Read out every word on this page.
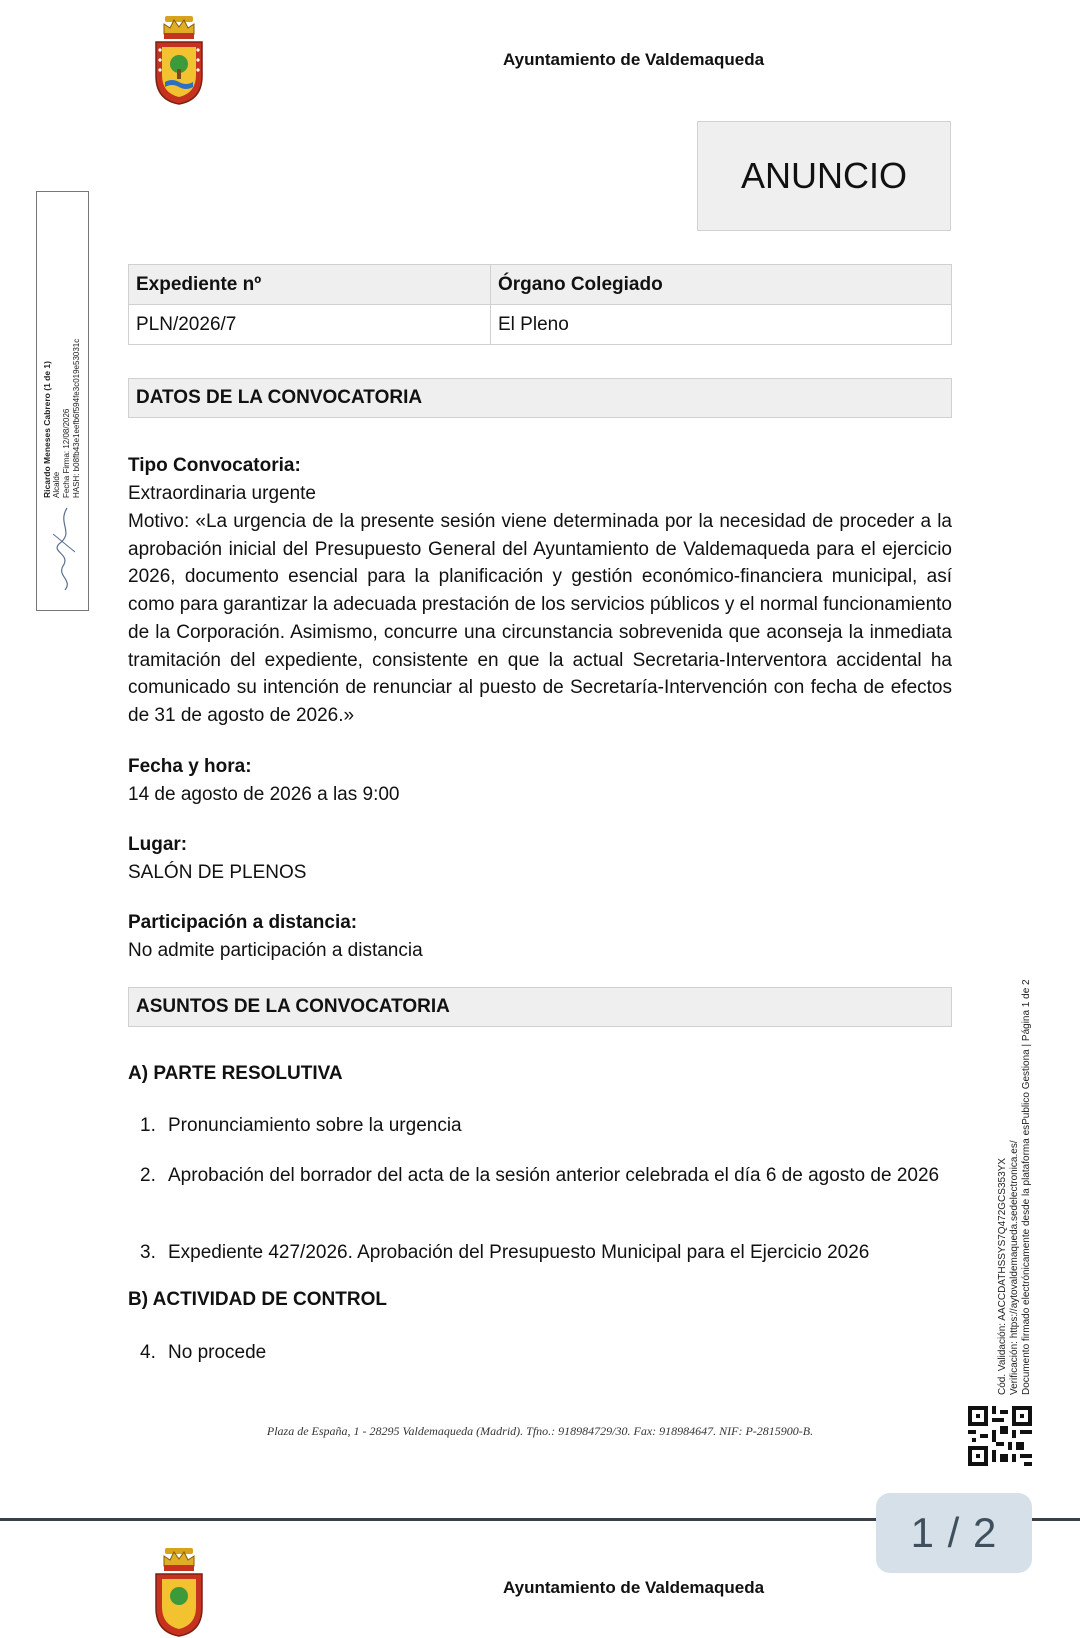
Ayuntamiento de Valdemaqueda
ANUNCIO
Ricardo Meneses Cabrero (1 de 1) Alcalde Fecha Firma: 12/08/2026 HASH: b08fb43e1eefb6f594fe3c019e53031c
Expediente nº	Órgano Colegiado
PLN/2026/7	El Pleno
DATOS DE LA CONVOCATORIA
Tipo Convocatoria:
Extraordinaria urgente

Motivo: «La urgencia de la presente sesión viene determinada por la necesidad de proceder a la aprobación inicial del Presupuesto General del Ayuntamiento de Valdemaqueda para el ejercicio 2026, documento esencial para la planificación y gestión económico-financiera municipal, así como para garantizar la adecuada prestación de los servicios públicos y el normal funcionamiento de la Corporación. Asimismo, concurre una circunstancia sobrevenida que aconseja la inmediata tramitación del expediente, consistente en que la actual Secretaria-Interventora accidental ha comunicado su intención de renunciar al puesto de Secretaría-Intervención con fecha de efectos de 31 de agosto de 2026.»

Fecha y hora:
14 de agosto de 2026 a las 9:00
Lugar:
SALÓN DE PLENOS
Participación a distancia:
No admite participación a distancia
ASUNTOS DE LA CONVOCATORIA
A) PARTE RESOLUTIVA
1. Pronunciamiento sobre la urgencia
2. Aprobación del borrador del acta de la sesión anterior celebrada el día 6 de agosto de 2026
3. Expediente 427/2026. Aprobación del Presupuesto Municipal para el Ejercicio 2026
B) ACTIVIDAD DE CONTROL
4. No procede
Plaza de España, 1 - 28295 Valdemaqueda (Madrid). Tfno.: 918984729/30. Fax: 918984647. NIF: P-2815900-B.
Cód. Validación: AACCDATHSSYS7Q472GCS353YX Verificación: https://aytovaldemaqueda.sedelectronica.es/ Documento firmado electrónicamente desde la plataforma esPublico Gestiona | Página 1 de 2
1 / 2
Ayuntamiento de Valdemaqueda
